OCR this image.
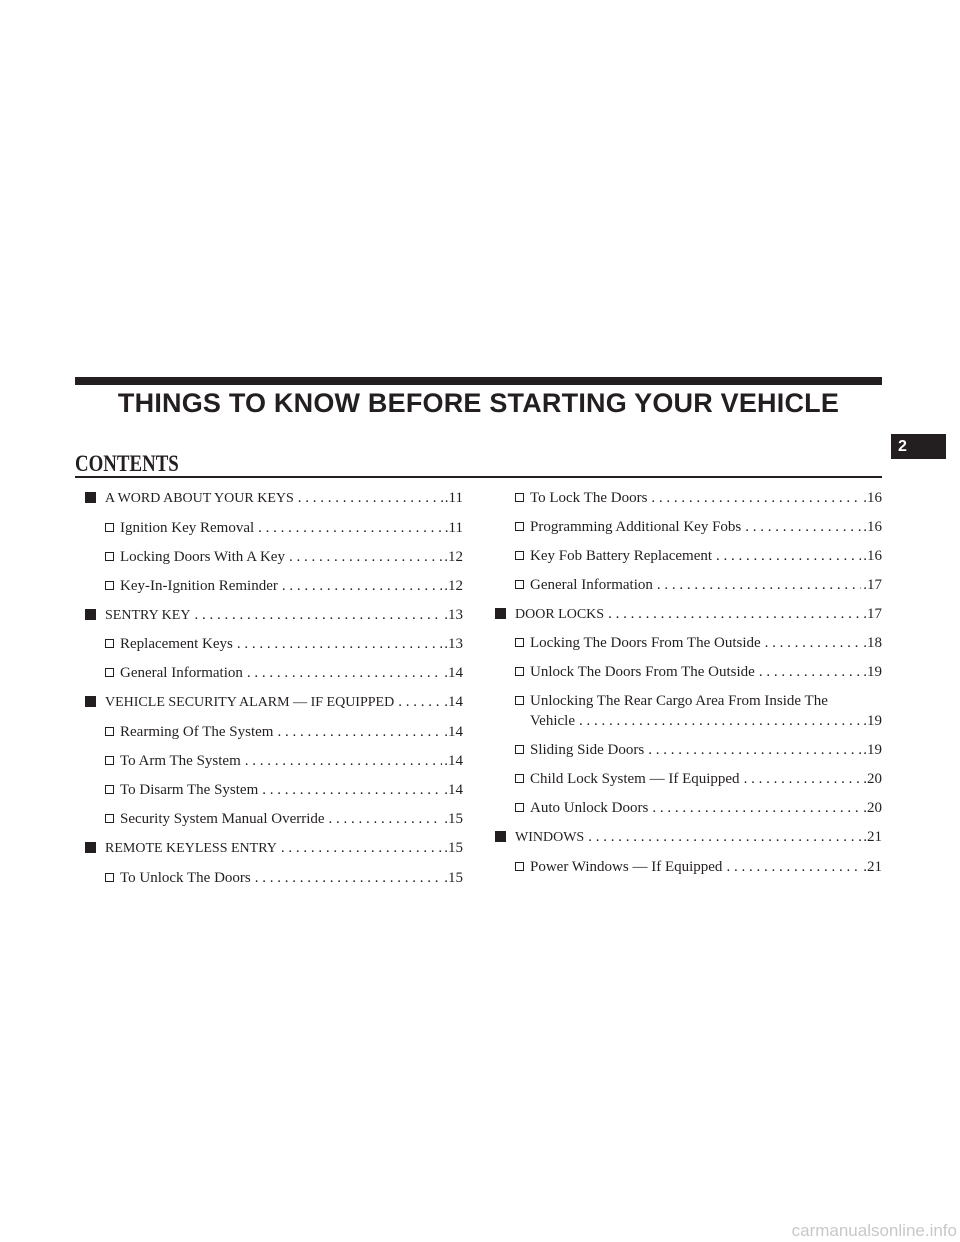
THINGS TO KNOW BEFORE STARTING YOUR VEHICLE
CONTENTS
2
A WORD ABOUT YOUR KEYS . . .	.11
Ignition Key Removal . . .	.11
Locking Doors With A Key . . .	.12
Key-In-Ignition Reminder . . .	.12
SENTRY KEY . . .	.13
Replacement Keys . . .	.13
General Information . . .	.14
VEHICLE SECURITY ALARM — IF EQUIPPED . . .	.14
Rearming Of The System . . .	.14
To Arm The System . . .	.14
To Disarm The System . . .	.14
Security System Manual Override . . .	.15
REMOTE KEYLESS ENTRY . . .	.15
To Unlock The Doors . . .	.15
To Lock The Doors . . .	.16
Programming Additional Key Fobs . . .	.16
Key Fob Battery Replacement . . .	.16
General Information . . .	.17
DOOR LOCKS . . .	.17
Locking The Doors From The Outside . . .	.18
Unlock The Doors From The Outside . . .	.19
Unlocking The Rear Cargo Area From Inside The
Vehicle . . .	.19
Sliding Side Doors . . .	.19
Child Lock System — If Equipped . . .	.20
Auto Unlock Doors . . .	.20
WINDOWS . . .	.21
Power Windows — If Equipped . . .	.21
carmanualsonline.info
